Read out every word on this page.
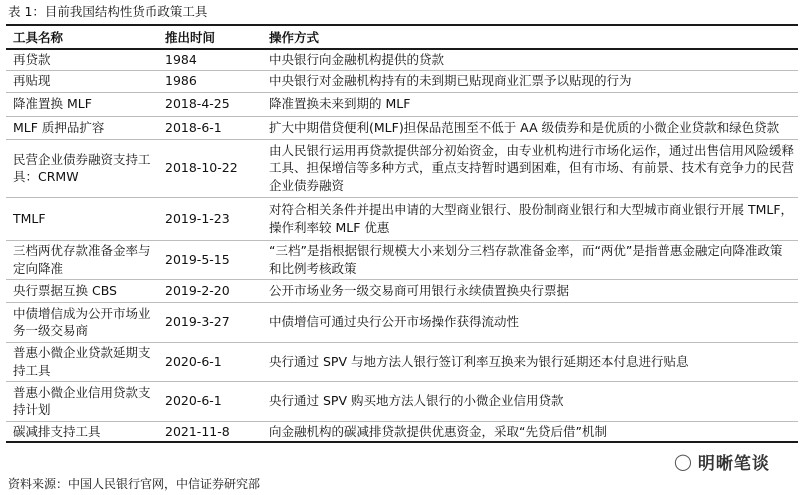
表 1：目前我国结构性货币政策工具
工具名称	推出时间	操作方式
再贷款	1984	中央银行向金融机构提供的贷款
再贴现	1986	中央银行对金融机构持有的未到期已贴现商业汇票予以贴现的行为
降准置换 MLF	2018-4-25	降准置换未来到期的 MLF
MLF 质押品扩容	2018-6-1	扩大中期借贷便利(MLF)担保品范围至不低于 AA 级债券和是优质的小微企业贷款和绿色贷款
民营企业债券融资支持工具：CRMW	2018-10-22	由人民银行运用再贷款提供部分初始资金，由专业机构进行市场化运作，通过出售信用风险缓释工具、担保增信等多种方式，重点支持暂时遇到困难，但有市场、有前景、技术有竞争力的民营企业债券融资
TMLF	2019-1-23	对符合相关条件并提出申请的大型商业银行、股份制商业银行和大型城市商业银行开展 TMLF，操作利率较 MLF 优惠
三档两优存款准备金率与定向降准	2019-5-15	“三档”是指根据银行规模大小来划分三档存款准备金率，而“两优”是指普惠金融定向降准政策和比例考核政策
央行票据互换 CBS	2019-2-20	公开市场业务一级交易商可用银行永续债置换央行票据
中债增信成为公开市场业务一级交易商	2019-3-27	中债增信可通过央行公开市场操作获得流动性
普惠小微企业贷款延期支持工具	2020-6-1	央行通过 SPV 与地方法人银行签订利率互换来为银行延期还本付息进行贴息
普惠小微企业信用贷款支持计划	2020-6-1	央行通过 SPV 购买地方法人银行的小微企业信用贷款
碳减排支持工具	2021-11-8	向金融机构的碳减排贷款提供优惠资金，采取“先贷后借”机制
资料来源：中国人民银行官网，中信证券研究部
◯ 明晰笔谈
